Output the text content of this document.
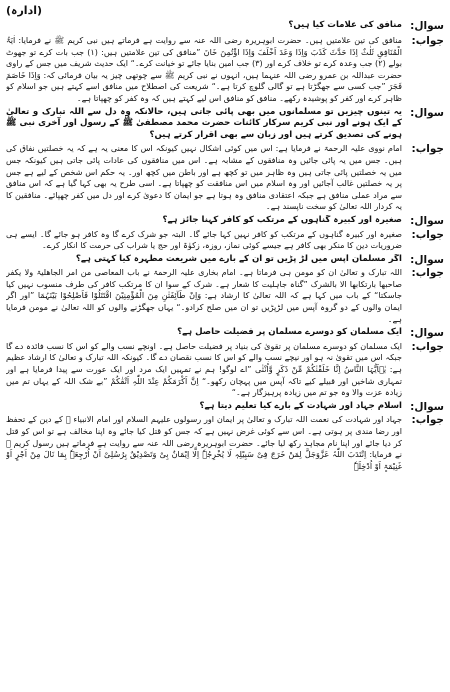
(ادارہ)
سوال:
منافق کی علامات کیا ہیں؟
جواب:
منافق کی تین علامتیں ہیں۔ حضرت ابوہریرہ رضی اللہ عنہ سے روایت ہے فرماتے ہیں نبی کریم ﷺ نے فرمایا: اٰیَۃُ الْمُنَافِقِ ثَلٰثٌ اِذَا حَدَّثَ کَذَبَ وَاِذَا وَعَدَ اَخْلَفَ وَاِذَا اؤْتُمِنَ خَانَ ”منافق کی تین علامتیں ہیں: (۱) جب بات کرے تو جھوٹ بولے (۲) جب وعدہ کرے تو خلاف کرے اور (۳) جب امین بنایا جائے تو خیانت کرے۔“ ایک حدیث شریف میں جس کے راوی حضرت عبداللہ بن عمرو رضی اللہ عنہما ہیں، انہوں نے نبی کریم ﷺ سے چوتھی چیز یہ بیان فرمائی کہ: وَاِذَا خَاصَمَ فَجَرَ ”جب کسی سے جھگڑتا ہے تو گالی گلوچ کرتا ہے۔“ شریعت کی اصطلاح میں منافق اسے کہتے ہیں جو اسلام کو ظاہر کرے اور کفر کو پوشیدہ رکھے۔ منافق کو منافق اس لیے کہتے ہیں کہ وہ کفر کو چھپاتا ہے۔
سوال:
یہ تینوں چیزیں تو مسلمانوں میں بھی پائی جاتی ہیں، حالانکہ وہ دل سے اللہ تبارک و تعالیٰ کے ایک ہونے اور نبی کریم سرکار کائنات حضرت محمد مصطفیٰ ﷺ کے رسول اور آخری نبی ﷺ ہونے کی تصدیق کرتے ہیں اور زبان سے بھی اقرار کرتے ہیں؟
جواب:
امام نووی علیہ الرحمۃ نے فرمایا ہے: اس میں کوئی اشکال نہیں کیونکہ اس کا معنی یہ ہے کہ یہ خصلتیں نفاق کی ہیں۔ جس میں یہ پائی جائیں وہ منافقوں کے مشابہ ہے۔ اس میں منافقوں کی عادات پائی جاتی ہیں کیونکہ جس میں یہ خصلتیں پائی جاتی ہیں وہ ظاہر میں تو کچھ ہے اور باطن میں کچھ اور۔ یہ حکم اس شخص کے لیے ہے جس پر یہ خصلتیں غالب آجائیں اور وہ اسلام میں اس منافقت کو چھپاتا ہے۔ اسی طرح یہ بھی کہا گیا ہے کہ اس منافق سے مراد عملی منافق ہے جبکہ اعتقادی منافق وہ ہوتا ہے جو ایمان کا دعویٰ کرے اور دل میں کفر چھپائے۔ منافقین کا یہ کردار اللہ تعالیٰ کو سخت ناپسند ہے۔
سوال:
صغیرہ اور کبیرہ گناہوں کے مرتکب کو کافر کہنا جائز ہے؟
جواب:
صغیرہ اور کبیرہ گناہوں کے مرتکب کو کافر نہیں کہا جائے گا۔ البتہ جو شرک کرے گا وہ کافر ہو جائے گا۔ ایسے ہی ضروریات دین کا منکر بھی کافر ہے جیسے کوئی نماز، روزہ، زکوٰۃ اور حج یا شراب کی حرمت کا انکار کرے۔
سوال:
اگر مسلمان آپس میں لڑ پڑیں تو ان کے بارے میں شریعت مطہرہ کیا کہتی ہے؟
جواب:
اللہ تبارک و تعالیٰ ان کو مومن ہی فرماتا ہے۔ امام بخاری علیہ الرحمۃ نے باب المعاصی من امر الجاھلیۃ ولا یکفر صاحبھا بارتکابھا الا بالشرک ”گناہ جاہلیت کا شعار ہے۔ شرک کے سوا ان کا مرتکب کافر کی طرف منسوب نہیں کیا جاسکتا“ کے باب میں کہا ہے کہ اللہ تعالیٰ کا ارشاد ہے: وَاِنْ طَآئِفَتٰنِ مِنَ الْمُؤْمِنِیْنَ اقْتَتَلُوْا فَاَصْلِحُوْا بَیْنَہُمَا ”اور اگر ایمان والوں کے دو گروہ آپس میں لڑپڑیں تو ان میں صلح کرادو۔“ یہاں جھگڑنے والوں کو اللہ تعالیٰ نے مومن فرمایا ہے۔
سوال:
ایک مسلمان کو دوسرے مسلمان پر فضیلت حاصل ہے؟
جواب:
ایک مسلمان کو دوسرے مسلمان پر تقویٰ کی بنیاد پر فضیلت حاصل ہے۔ اونچے نسب والے کو اس کا نسب فائدہ دے گا جبکہ اس میں تقویٰ نہ ہو اور نیچے نسب والے کو اس کا نسب نقصان دے گا۔ کیونکہ اللہ تبارک و تعالیٰ کا ارشاد عظیم ہے: یٰۤاَیُّہَا النَّاسُ اِنَّا خَلَقْنٰکُمْ مِّنْ ذَکَرٍ وَّاُنْثٰی ”اے لوگو! ہم نے تمہیں ایک مرد اور ایک عورت سے پیدا فرمایا ہے اور تمہاری شاخیں اور قبیلے کیے تاکہ آپس میں پہچان رکھو۔“ اِنَّ اَکْرَمَکُمْ عِنْدَ اللّٰہِ اَتْقٰکُمْ ”بے شک اللہ کے یہاں تم میں زیادہ عزت والا وہ جو تم میں زیادہ پرہیزگار ہے۔“
سوال:
اسلام جہاد اور شہادت کے بارے کیا تعلیم دیتا ہے؟
جواب:
جہاد اور شہادت کی نعمت اللہ تبارک و تعالیٰ پر ایمان اور رسولوں علیہم السلام اور امام الانبیاء ﷺ کے دین کے تحفظ اور رضا مندی پر ہوتی ہے۔ اس سے کوئی غرض نہیں ہے کہ جس کو قتل کیا جائے وہ اپنا مخالف ہے تو اس کو قتل کر دیا جائے اور اپنا نام مجاہد رکھ لیا جائے۔ حضرت ابوہریرہ رضی اللہ عنہ سے روایت ہے فرماتے ہیں رسول کریم ﷺ نے فرمایا: اِنْتَدَبَ اللّٰہُ عَزَّوَجَلَّ لِمَنْ خَرَجَ فِیْ سَبِیْلِہٖ لَا یُخْرِجُہٗ اِلَّا اِیْمَانٌ بِیْ وَتَصْدِیْقٌ بِرُسُلِیْ اَنْ اُرْجِعَہٗ بِمَا نَالَ مِنْ اَجْرٍ اَوْ غَنِیْمَۃٍ اَوْ اُدْخِلَہٗ
